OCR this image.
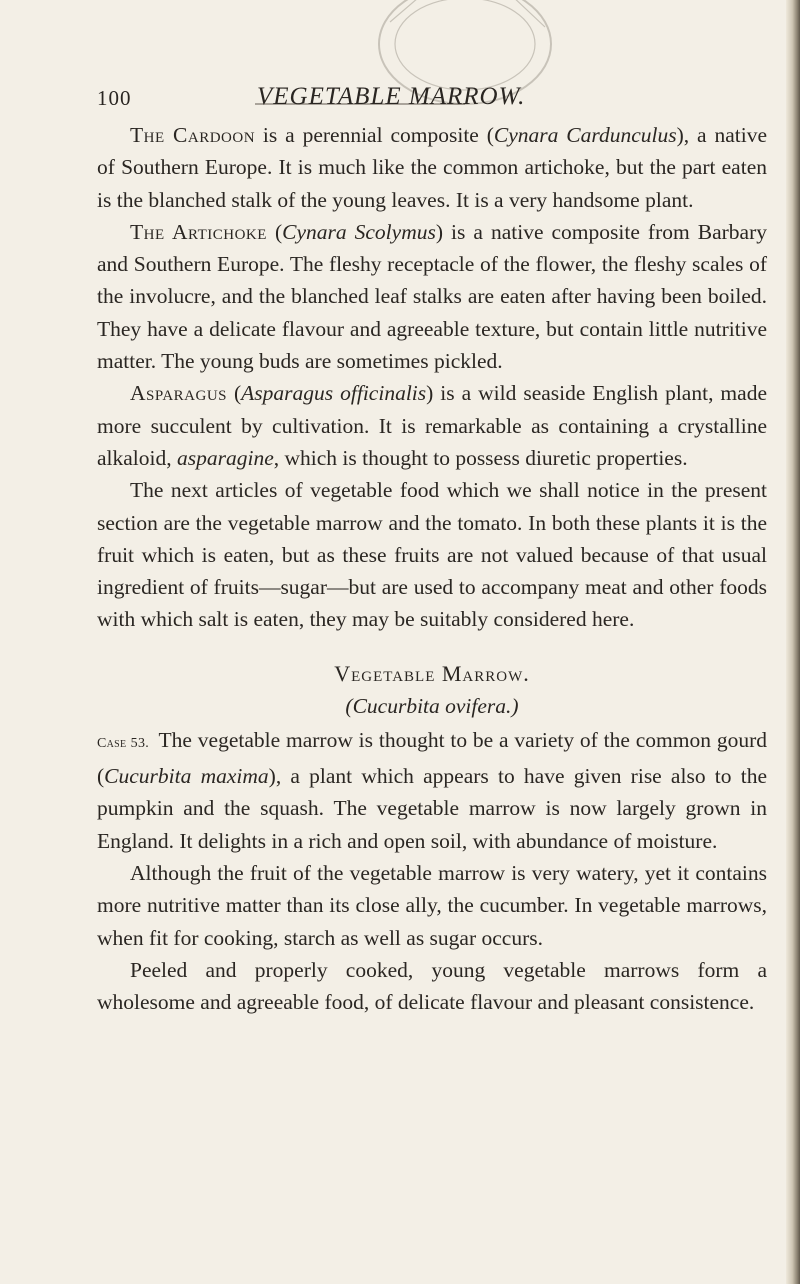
100	VEGETABLE MARROW.

The Cardoon is a perennial composite (Cynara Cardunculus), a native of Southern Europe. It is much like the common artichoke, but the part eaten is the blanched stalk of the young leaves. It is a very handsome plant.

The Artichoke (Cynara Scolymus) is a native composite from Barbary and Southern Europe. The fleshy receptacle of the flower, the fleshy scales of the involucre, and the blanched leaf stalks are eaten after having been boiled. They have a delicate flavour and agreeable texture, but contain little nutritive matter. The young buds are sometimes pickled.

Asparagus (Asparagus officinalis) is a wild seaside English plant, made more succulent by cultivation. It is remarkable as containing a crystalline alkaloid, asparagine, which is thought to possess diuretic properties.

The next articles of vegetable food which we shall notice in the present section are the vegetable marrow and the tomato. In both these plants it is the fruit which is eaten, but as these fruits are not valued because of that usual ingredient of fruits—sugar—but are used to accompany meat and other foods with which salt is eaten, they may be suitably considered here.

Vegetable Marrow.
(Cucurbita ovifera.)

Case 53. The vegetable marrow is thought to be a variety of the common gourd (Cucurbita maxima), a plant which appears to have given rise also to the pumpkin and the squash. The vegetable marrow is now largely grown in England. It delights in a rich and open soil, with abundance of moisture.

Although the fruit of the vegetable marrow is very watery, yet it contains more nutritive matter than its close ally, the cucumber. In vegetable marrows, when fit for cooking, starch as well as sugar occurs.

Peeled and properly cooked, young vegetable marrows form a wholesome and agreeable food, of delicate flavour and pleasant consistence.
